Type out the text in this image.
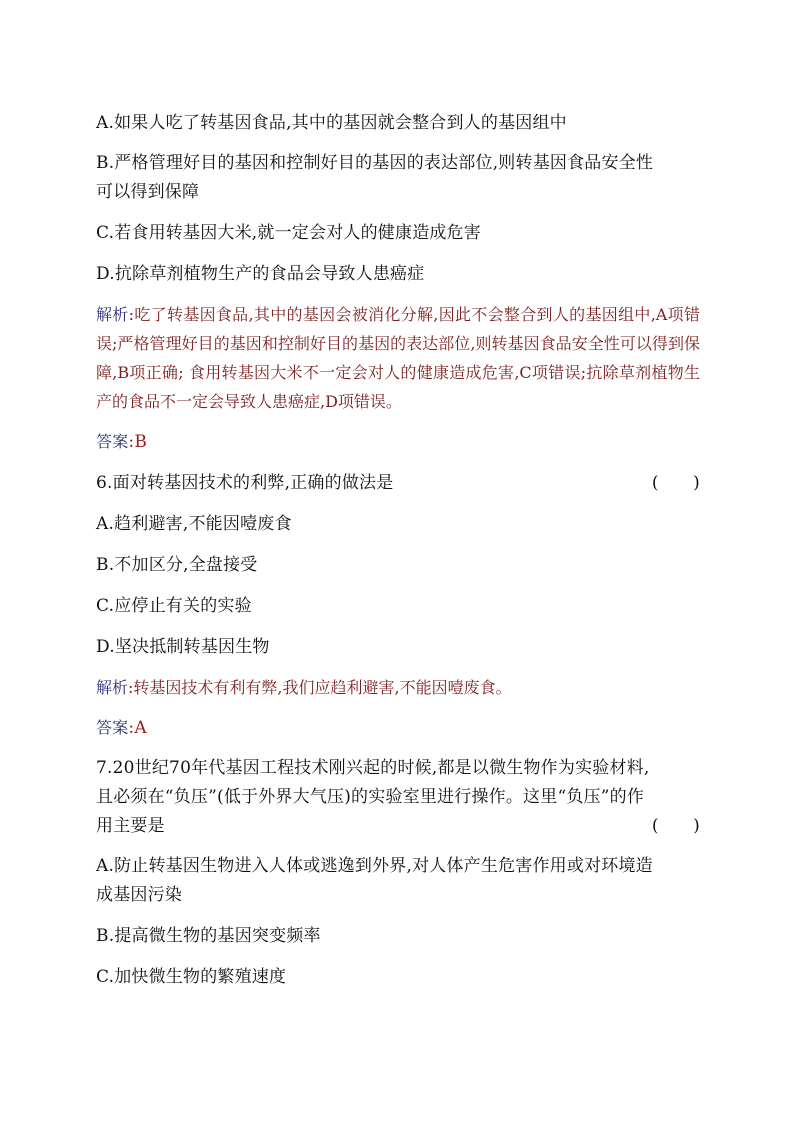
A.如果人吃了转基因食品,其中的基因就会整合到人的基因组中
B.严格管理好目的基因和控制好目的基因的表达部位,则转基因食品安全性
可以得到保障
C.若食用转基因大米,就一定会对人的健康造成危害
D.抗除草剂植物生产的食品会导致人患癌症
解析:吃了转基因食品,其中的基因会被消化分解,因此不会整合到人的基因组中,A项错误;严格管理好目的基因和控制好目的基因的表达部位,则转基因食品安全性可以得到保障,B项正确; 食用转基因大米不一定会对人的健康造成危害,C项错误;抗除草剂植物生产的食品不一定会导致人患癌症,D项错误。
答案:B
6.面对转基因技术的利弊,正确的做法是	(　　)
A.趋利避害,不能因噎废食
B.不加区分,全盘接受
C.应停止有关的实验
D.坚决抵制转基因生物
解析:转基因技术有利有弊,我们应趋利避害,不能因噎废食。
答案:A
7.20世纪70年代基因工程技术刚兴起的时候,都是以微生物作为实验材料,
且必须在“负压”(低于外界大气压)的实验室里进行操作。这里“负压”的作

用主要是	(　　)
A.防止转基因生物进入人体或逃逸到外界,对人体产生危害作用或对环境造
成基因污染
B.提高微生物的基因突变频率
C.加快微生物的繁殖速度
